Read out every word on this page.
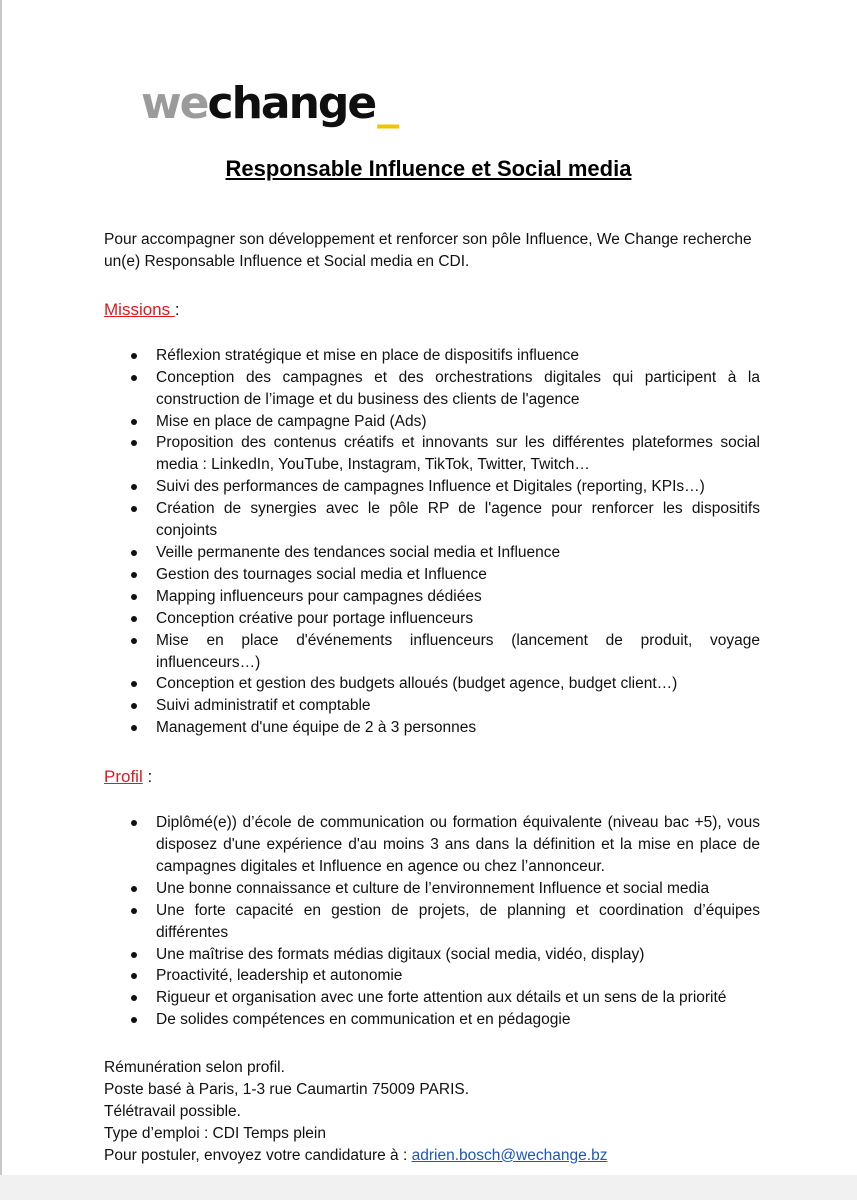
wechange_
Responsable Influence et Social media

Pour accompagner son développement et renforcer son pôle Influence, We Change recherche un(e) Responsable Influence et Social media en CDI.

Missions :

Réflexion stratégique et mise en place de dispositifs influence
Conception des campagnes et des orchestrations digitales qui participent à la construction de l’image et du business des clients de l'agence
Mise en place de campagne Paid (Ads)
Proposition des contenus créatifs et innovants sur les différentes plateformes social media : LinkedIn, YouTube, Instagram, TikTok, Twitter, Twitch…
Suivi des performances de campagnes Influence et Digitales (reporting, KPIs…)
Création de synergies avec le pôle RP de l'agence pour renforcer les dispositifs conjoints
Veille permanente des tendances social media et Influence
Gestion des tournages social media et Influence
Mapping influenceurs pour campagnes dédiées
Conception créative pour portage influenceurs
Mise en place d'événements influenceurs (lancement de produit, voyage influenceurs…)
Conception et gestion des budgets alloués (budget agence, budget client…)
Suivi administratif et comptable
Management d'une équipe de 2 à 3 personnes

Profil :

Diplômé(e)) d’école de communication ou formation équivalente (niveau bac +5), vous disposez d'une expérience d'au moins 3 ans dans la définition et la mise en place de campagnes digitales et Influence en agence ou chez l’annonceur.
Une bonne connaissance et culture de l’environnement Influence et social media
Une forte capacité en gestion de projets, de planning et coordination d’équipes différentes
Une maîtrise des formats médias digitaux (social media, vidéo, display)
Proactivité, leadership et autonomie
Rigueur et organisation avec une forte attention aux détails et un sens de la priorité
De solides compétences en communication et en pédagogie

Rémunération selon profil.

Poste basé à Paris, 1-3 rue Caumartin 75009 PARIS.

Télétravail possible.

Type d’emploi : CDI Temps plein

Pour postuler, envoyez votre candidature à : adrien.bosch@wechange.bz
